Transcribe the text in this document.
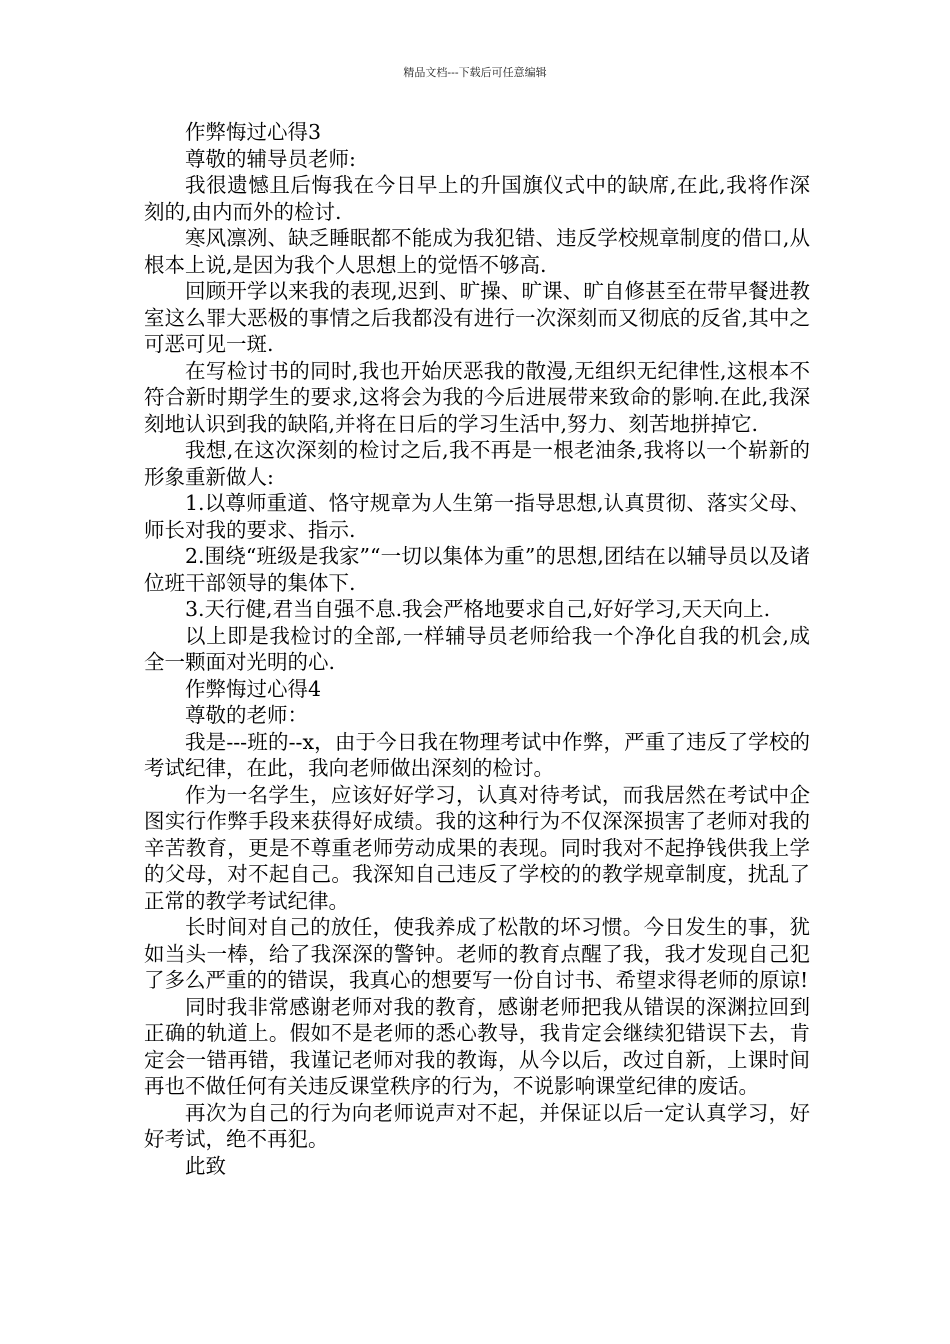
精品文档---下载后可任意编辑

作弊悔过心得3

尊敬的辅导员老师:

我很遗憾且后悔我在今日早上的升国旗仪式中的缺席,在此,我将作深刻的,由内而外的检讨.

寒风凛冽、缺乏睡眠都不能成为我犯错、违反学校规章制度的借口,从根本上说,是因为我个人思想上的觉悟不够高.

回顾开学以来我的表现,迟到、旷操、旷课、旷自修甚至在带早餐进教室这么罪大恶极的事情之后我都没有进行一次深刻而又彻底的反省,其中之可恶可见一斑.

在写检讨书的同时,我也开始厌恶我的散漫,无组织无纪律性,这根本不符合新时期学生的要求,这将会为我的今后进展带来致命的影响.在此,我深刻地认识到我的缺陷,并将在日后的学习生活中,努力、刻苦地拼掉它.

我想,在这次深刻的检讨之后,我不再是一根老油条,我将以一个崭新的形象重新做人:

1.以尊师重道、恪守规章为人生第一指导思想,认真贯彻、落实父母、师长对我的要求、指示.

2.围绕“班级是我家”“一切以集体为重”的思想,团结在以辅导员以及诸位班干部领导的集体下.

3.天行健,君当自强不息.我会严格地要求自己,好好学习,天天向上.

以上即是我检讨的全部,一样辅导员老师给我一个净化自我的机会,成全一颗面对光明的心.

作弊悔过心得4

尊敬的老师：

我是---班的--x，由于今日我在物理考试中作弊，严重了违反了学校的考试纪律，在此，我向老师做出深刻的检讨。

作为一名学生，应该好好学习，认真对待考试，而我居然在考试中企图实行作弊手段来获得好成绩。我的这种行为不仅深深损害了老师对我的辛苦教育，更是不尊重老师劳动成果的表现。同时我对不起挣钱供我上学的父母，对不起自己。我深知自己违反了学校的的教学规章制度，扰乱了正常的教学考试纪律。

长时间对自己的放任，使我养成了松散的坏习惯。今日发生的事，犹如当头一棒，给了我深深的警钟。老师的教育点醒了我，我才发现自己犯了多么严重的的错误，我真心的想要写一份自讨书、希望求得老师的原谅!

同时我非常感谢老师对我的教育，感谢老师把我从错误的深渊拉回到正确的轨道上。假如不是老师的悉心教导，我肯定会继续犯错误下去，肯定会一错再错，我谨记老师对我的教诲，从今以后，改过自新，上课时间再也不做任何有关违反课堂秩序的行为，不说影响课堂纪律的废话。

再次为自己的行为向老师说声对不起，并保证以后一定认真学习，好好考试，绝不再犯。

此致
